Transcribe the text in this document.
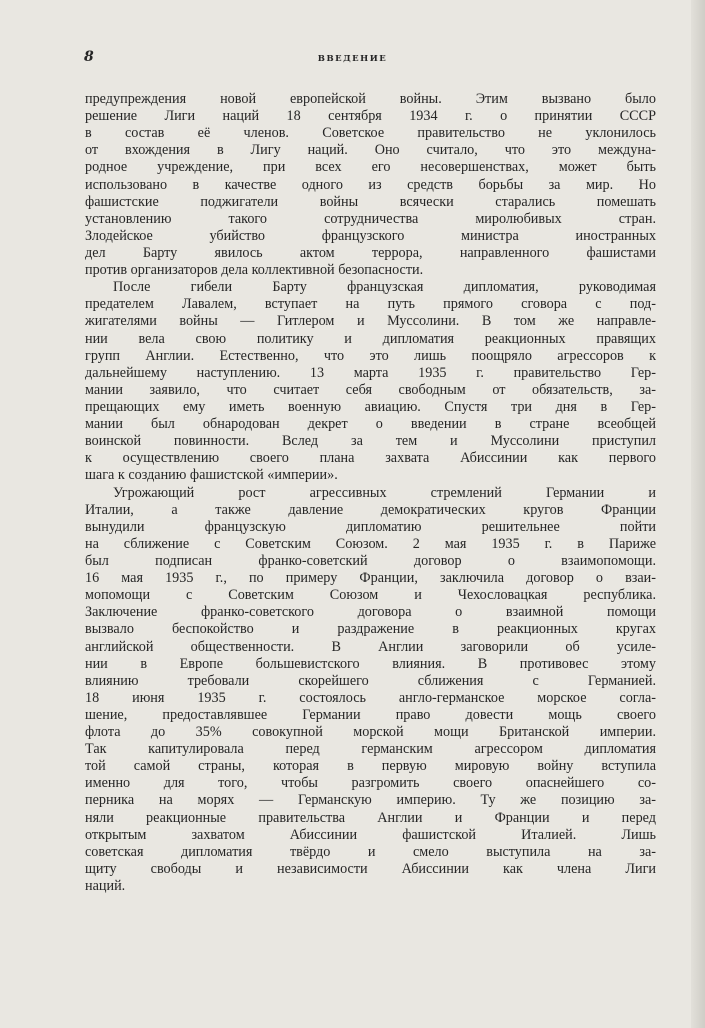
8	ВВЕДЕНИЕ
предупреждения новой европейской войны. Этим вызвано было
решение Лиги наций 18 сентября 1934 г. о принятии СССР
в состав её членов. Советское правительство не уклонилось
от вхождения в Лигу наций. Оно считало, что это междуна-
родное учреждение, при всех его несовершенствах, может быть
использовано в качестве одного из средств борьбы за мир. Но
фашистские поджигатели войны всячески старались помешать
установлению такого сотрудничества миролюбивых стран.
Злодейское убийство французского министра иностранных
дел Барту явилось актом террора, направленного фашистами
против организаторов дела коллективной безопасности.
После гибели Барту французская дипломатия, руководимая
предателем Лавалем, вступает на путь прямого сговора с под-
жигателями войны — Гитлером и Муссолини. В том же направле-
нии вела свою политику и дипломатия реакционных правящих
групп Англии. Естественно, что это лишь поощряло агрессоров к
дальнейшему наступлению. 13 марта 1935 г. правительство Гер-
мании заявило, что считает себя свободным от обязательств, за-
прещающих ему иметь военную авиацию. Спустя три дня в Гер-
мании был обнародован декрет о введении в стране всеобщей
воинской повинности. Вслед за тем и Муссолини приступил
к осуществлению своего плана захвата Абиссинии как первого
шага к созданию фашистской «империи».
Угрожающий рост агрессивных стремлений Германии и
Италии, а также давление демократических кругов Франции
вынудили французскую дипломатию решительнее пойти
на сближение с Советским Союзом. 2 мая 1935 г. в Париже
был подписан франко-советский договор о взаимопомощи.
16 мая 1935 г., по примеру Франции, заключила договор о взаи-
мопомощи с Советским Союзом и Чехословацкая республика.
Заключение франко-советского договора о взаимной помощи
вызвало беспокойство и раздражение в реакционных кругах
английской общественности. В Англии заговорили об усиле-
нии в Европе большевистского влияния. В противовес этому
влиянию требовали скорейшего сближения с Германией.
18 июня 1935 г. состоялось англо-германское морское согла-
шение, предоставлявшее Германии право довести мощь своего
флота до 35% совокупной морской мощи Британской империи.
Так капитулировала перед германским агрессором дипломатия
той самой страны, которая в первую мировую войну вступила
именно для того, чтобы разгромить своего опаснейшего со-
перника на морях — Германскую империю. Ту же позицию за-
няли реакционные правительства Англии и Франции и перед
открытым захватом Абиссинии фашистской Италией. Лишь
советская дипломатия твёрдо и смело выступила на за-
щиту свободы и независимости Абиссинии как члена Лиги
наций.
